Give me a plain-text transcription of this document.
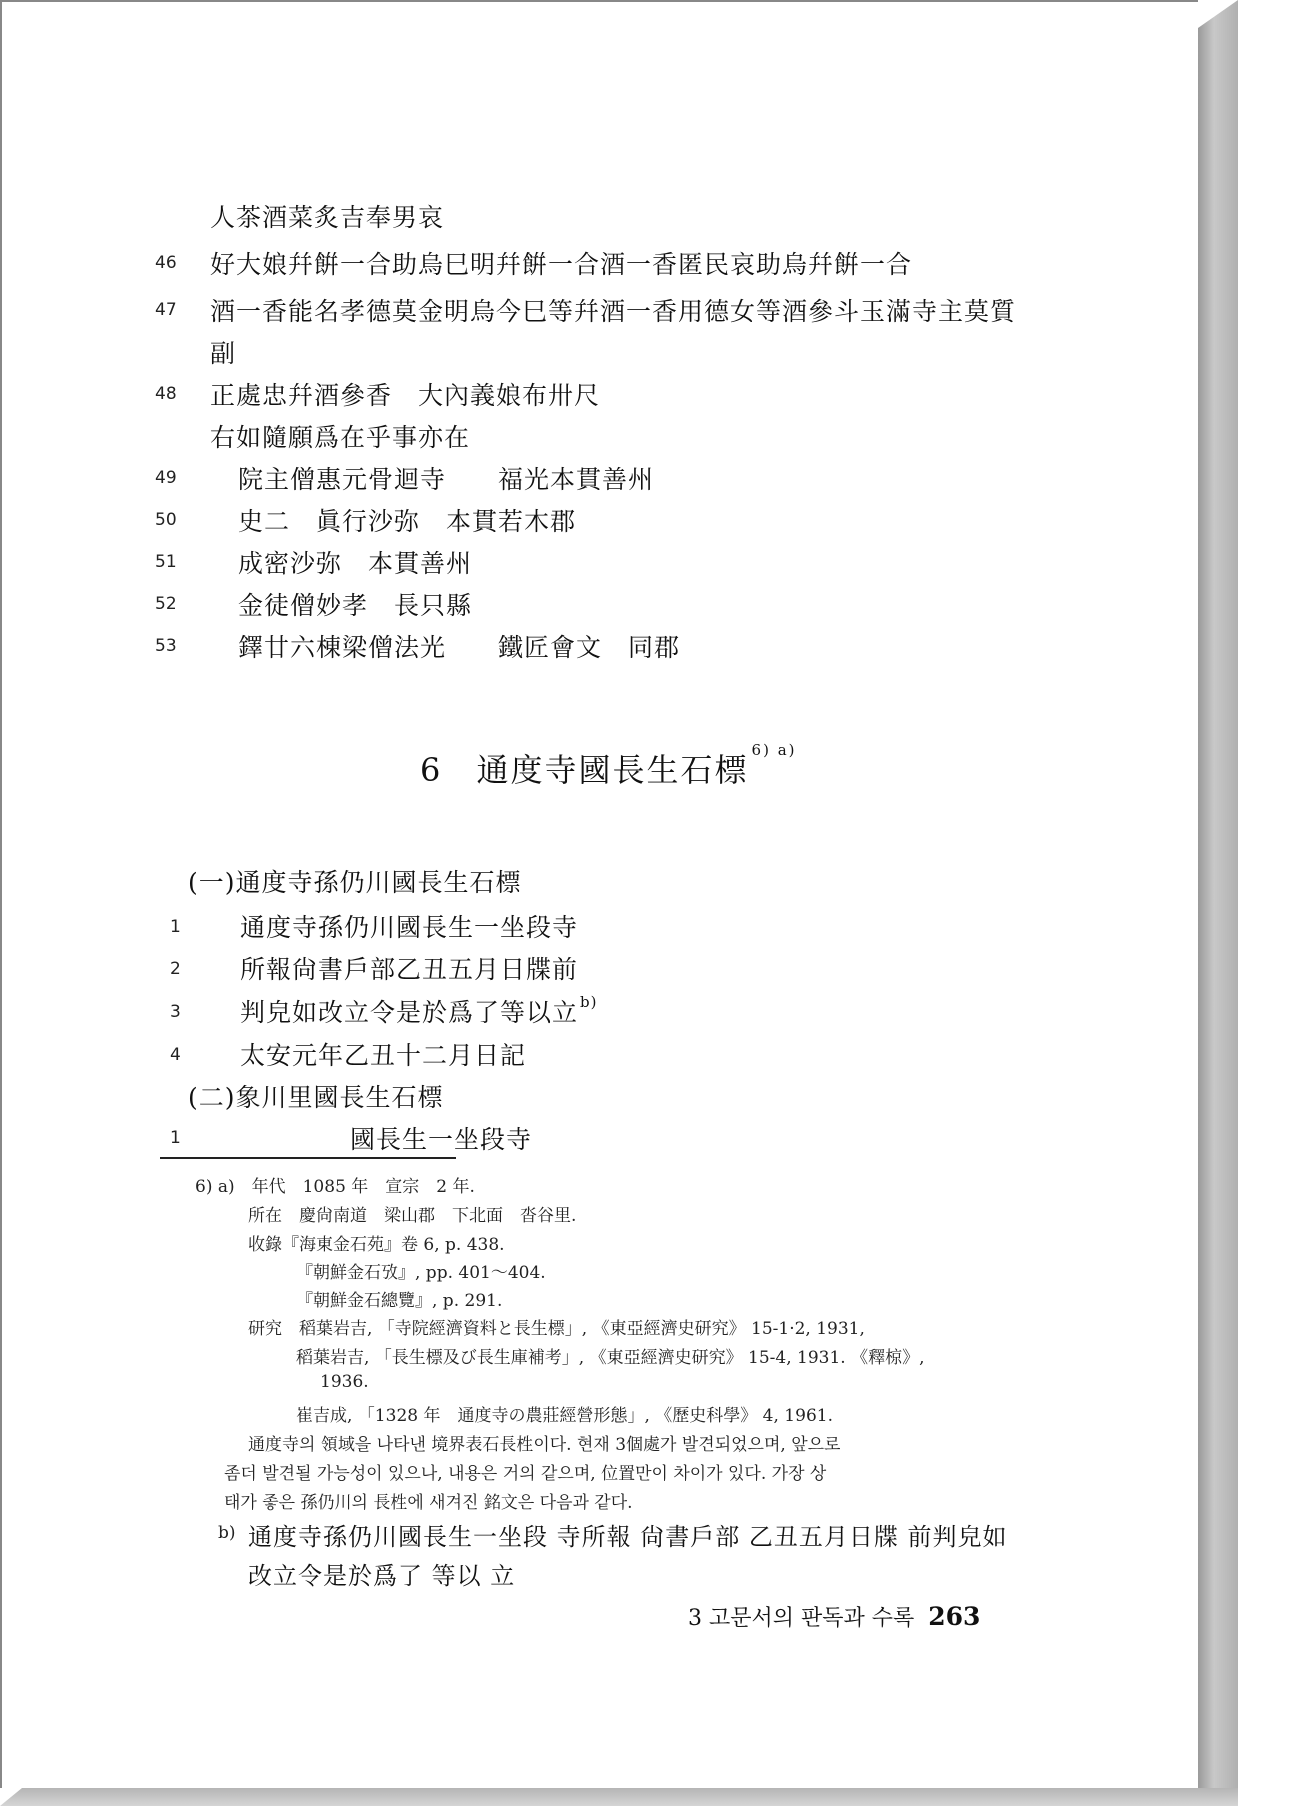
人茶酒菜炙吉奉男哀
46 好大娘幷餠一合助烏巳明幷餠一合酒一香匿民哀助烏幷餠一合
47 酒一香能名孝德莫金明烏今巳等幷酒一香用德女等酒參斗玉滿寺主莫質
副
48 正處忠幷酒參香　大內義娘布卅尺
右如隨願爲在乎事亦在
49 院主僧惠元骨迴寺　　福光本貫善州
50 史二　眞行沙弥　本貫若木郡
51 成密沙弥　本貫善州
52 金徒僧妙孝　長只縣
53 鐸廿六棟梁僧法光　　鐵匠會文　同郡
6 通度寺國長生石標$^{6) a)}$
(一)通度寺孫仍川國長生石標
1 通度寺孫仍川國長生一坐段寺
2 所報尙書戶部乙丑五月日牒前
3 判皃如改立令是於爲了等以立 $^{b)}$
4 太安元年乙丑十二月日記
(二)象川里國長生石標
1	國長生一坐段寺
6) a)　年代　1085 年　宣宗　2 年.
所在　慶尙南道　梁山郡　下北面　沓谷里.
收錄『海東金石苑』卷 6, p. 438.
『朝鮮金石攷』, pp. 401～404.
『朝鮮金石總覽』, p. 291.
研究　稻葉岩吉, 「寺院經濟資料と長生標」, 《東亞經濟史研究》 15-1·2, 1931,
稻葉岩吉, 「長生標及び長生庫補考」, 《東亞經濟史研究》 15-4, 1931. 《釋椋》,
1936.
崔吉成, 「1328 年　通度寺の農莊經營形態」, 《歷史科學》 4, 1961.
通度寺의 領域을 나타낸 境界表石長栍이다. 현재 3個處가 발견되었으며, 앞으로
좀더 발견될 가능성이 있으나, 내용은 거의 같으며, 位置만이 차이가 있다. 가장 상
태가 좋은 孫仍川의 長栍에 새겨진 銘文은 다음과 같다.
b) 通度寺孫仍川國長生一坐段 寺所報 尙書戶部 乙丑五月日牒 前判皃如
改立令是於爲了 等以 立
3 고문서의 판독과 수록 263
